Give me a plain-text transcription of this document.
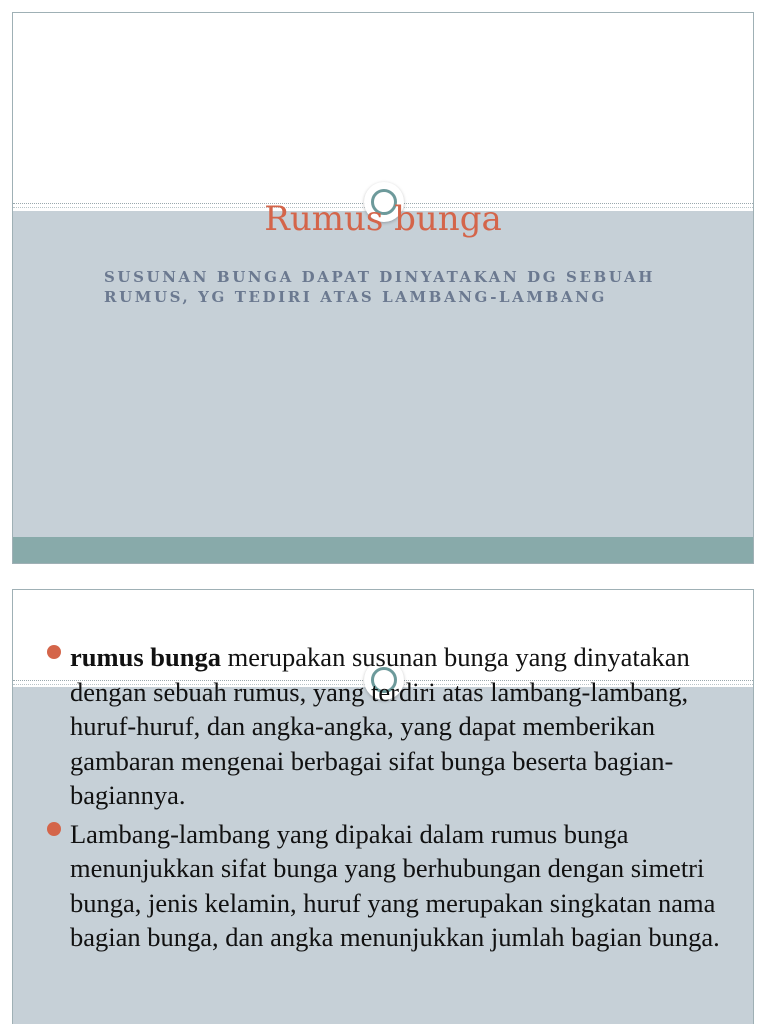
Rumus bunga

SUSUNAN BUNGA DAPAT DINYATAKAN DG SEBUAH RUMUS, YG TEDIRI ATAS LAMBANG-LAMBANG

rumus bunga merupakan susunan bunga yang dinyatakan dengan sebuah rumus, yang terdiri atas lambang-lambang, huruf-huruf, dan angka-angka, yang dapat memberikan gambaran mengenai berbagai sifat bunga beserta bagian-bagiannya.
Lambang-lambang yang dipakai dalam rumus bunga menunjukkan sifat bunga yang berhubungan dengan simetri bunga, jenis kelamin, huruf yang merupakan singkatan nama bagian bunga, dan angka menunjukkan jumlah bagian bunga.
